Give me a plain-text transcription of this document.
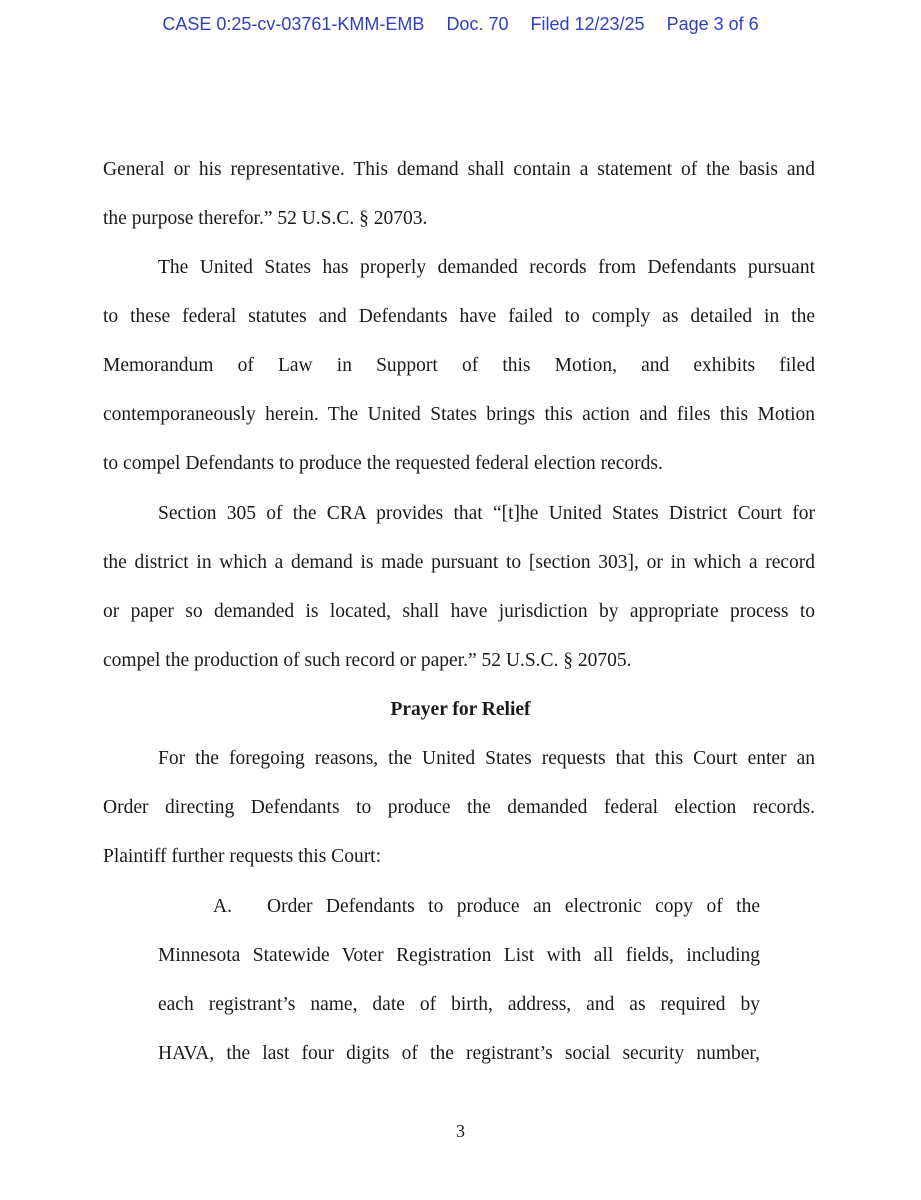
CASE 0:25-cv-03761-KMM-EMB Doc. 70 Filed 12/23/25 Page 3 of 6
General or his representative. This demand shall contain a statement of the basis and
the purpose therefor.” 52 U.S.C. § 20703.
The United States has properly demanded records from Defendants pursuant
to these federal statutes and Defendants have failed to comply as detailed in the
Memorandum of Law in Support of this Motion, and exhibits filed
contemporaneously herein. The United States brings this action and files this Motion
to compel Defendants to produce the requested federal election records.
Section 305 of the CRA provides that “[t]he United States District Court for
the district in which a demand is made pursuant to [section 303], or in which a record
or paper so demanded is located, shall have jurisdiction by appropriate process to
compel the production of such record or paper.” 52 U.S.C. § 20705.
Prayer for Relief
For the foregoing reasons, the United States requests that this Court enter an
Order directing Defendants to produce the demanded federal election records.
Plaintiff further requests this Court:
A. Order Defendants to produce an electronic copy of the
Minnesota Statewide Voter Registration List with all fields, including
each registrant’s name, date of birth, address, and as required by
HAVA, the last four digits of the registrant’s social security number,
3
